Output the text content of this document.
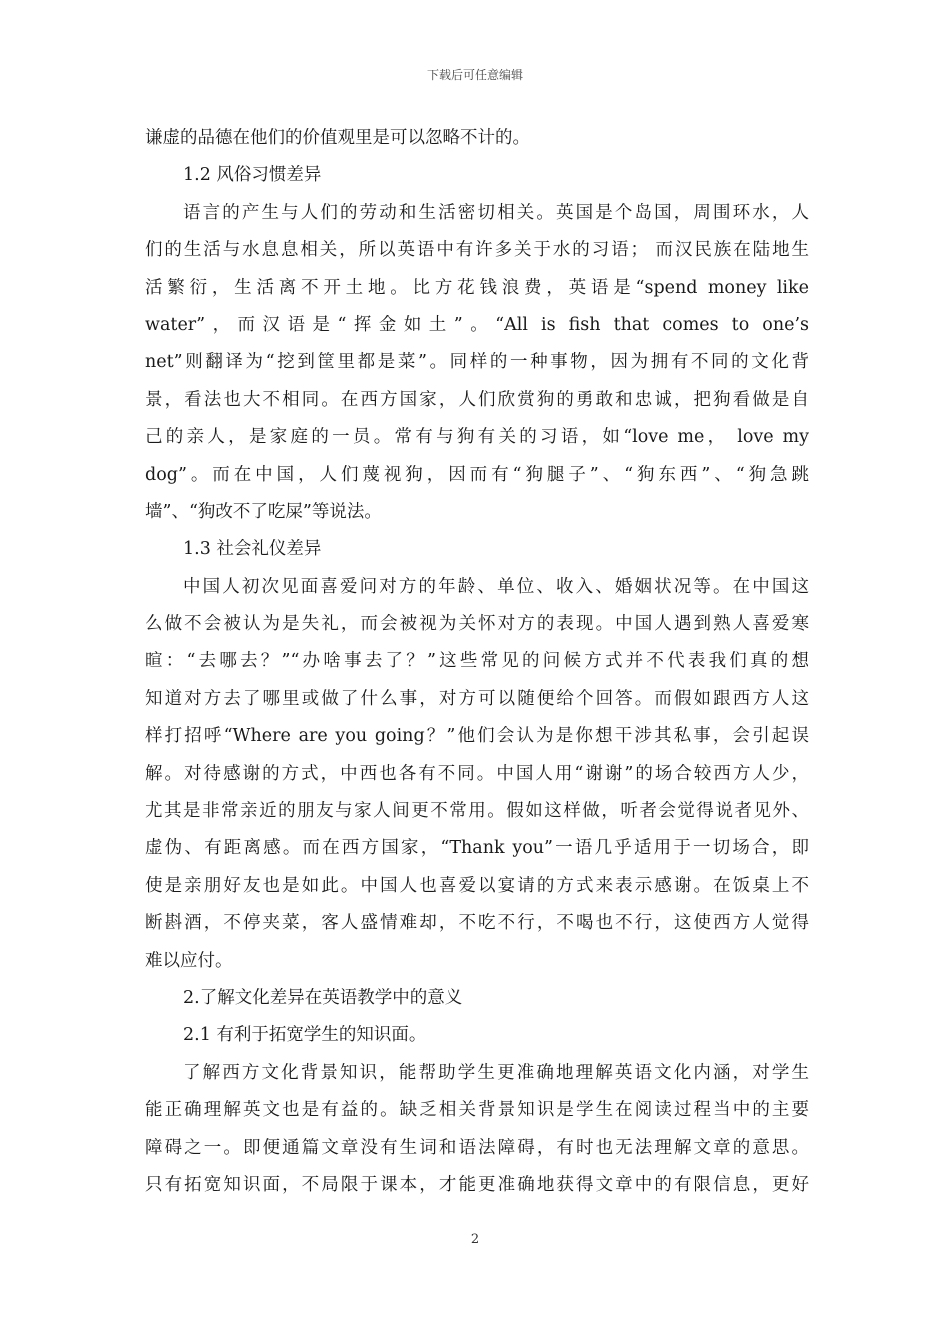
下载后可任意编辑
谦虚的品德在他们的价值观里是可以忽略不计的。
1.2 风俗习惯差异
语言的产生与人们的劳动和生活密切相关。英国是个岛国，周围环水，人
们的生活与水息息相关，所以英语中有许多关于水的习语； 而汉民族在陆地生
活繁衍，生活离不开土地。比方花钱浪费，英语是“spend money like
water”，而汉语是“挥金如土”。“All is fish that comes to one’s
net”则翻译为“挖到筐里都是菜”。同样的一种事物，因为拥有不同的文化背
景，看法也大不相同。在西方国家，人们欣赏狗的勇敢和忠诚，把狗看做是自
己的亲人，是家庭的一员。常有与狗有关的习语，如“love me， love my
dog”。而在中国，人们蔑视狗，因而有“狗腿子”、“狗东西”、“狗急跳
墙”、“狗改不了吃屎”等说法。
1.3 社会礼仪差异
中国人初次见面喜爱问对方的年龄、单位、收入、婚姻状况等。在中国这
么做不会被认为是失礼，而会被视为关怀对方的表现。中国人遇到熟人喜爱寒
暄：“去哪去？”“办啥事去了？”这些常见的问候方式并不代表我们真的想
知道对方去了哪里或做了什么事，对方可以随便给个回答。而假如跟西方人这
样打招呼“Where are you going？”他们会认为是你想干涉其私事，会引起误
解。对待感谢的方式，中西也各有不同。中国人用“谢谢”的场合较西方人少，
尤其是非常亲近的朋友与家人间更不常用。假如这样做，听者会觉得说者见外、
虚伪、有距离感。而在西方国家，“Thank you”一语几乎适用于一切场合，即
使是亲朋好友也是如此。中国人也喜爱以宴请的方式来表示感谢。在饭桌上不
断斟酒，不停夹菜，客人盛情难却，不吃不行，不喝也不行，这使西方人觉得
难以应付。
2.了解文化差异在英语教学中的意义
2.1 有利于拓宽学生的知识面。
了解西方文化背景知识，能帮助学生更准确地理解英语文化内涵，对学生
能正确理解英文也是有益的。缺乏相关背景知识是学生在阅读过程当中的主要
障碍之一。即便通篇文章没有生词和语法障碍，有时也无法理解文章的意思。
只有拓宽知识面，不局限于课本，才能更准确地获得文章中的有限信息，更好
2
